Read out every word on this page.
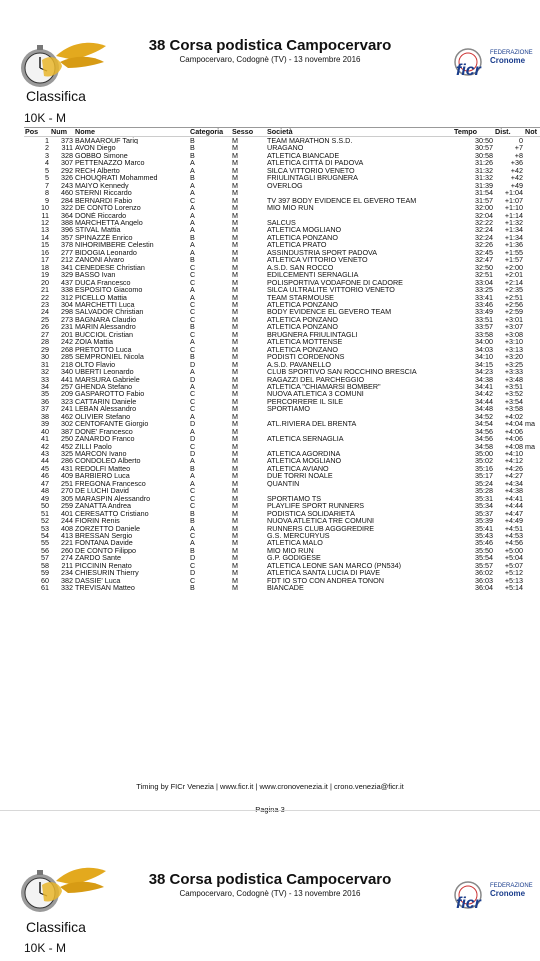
38 Corsa podistica Campocervaro
Campocervaro, Codognè (TV) - 13 novembre 2016
ficr
FEDERAZIONE
Cronome
Classifica
10K - M
Pos	Num	Nome	Categoria	Sesso	Società	Tempo	Dist.	Not
1	373	BAMAAROUF Tariq	B	M	TEAM MARATHON S.S.D.	30:50	0	
2	311	AVON Diego	B	M	URAGANO	30:57	+7	
3	328	GOBBO Simone	B	M	ATLETICA BIANCADE	30:58	+8	
4	307	PETTENAZZO Marco	A	M	ATLETICA CITTÀ DI PADOVA	31:26	+36	
5	292	RECH Alberto	A	M	SILCA VITTORIO VENETO	31:32	+42	
5	326	CHOUQRATI Mohammed	B	M	FRIULINTAGLI BRUGNERA	31:32	+42	
7	243	MAIYO Kennedy	A	M	OVERLOG	31:39	+49	
8	460	STERNI Riccardo	A	M		31:54	+1:04	
9	284	BERNARDI Fabio	C	M	TV 397 BODY EVIDENCE EL GEVERO TEAM	31:57	+1:07	
10	322	DE CONTO Lorenzo	A	M	MIO MIO RUN	32:00	+1:10	
11	364	DONÈ Riccardo	A	M		32:04	+1:14	
12	388	MARCHETTA Angelo	A	M	SALCUS	32:22	+1:32	
13	396	STIVAL Mattia	A	M	ATLETICA MOGLIANO	32:24	+1:34	
14	357	SPINAZZÈ Enrico	B	M	ATLETICA PONZANO	32:24	+1:34	
15	378	NIHORIMBERE Celestin	A	M	ATLETICA PRATO	32:26	+1:36	
16	277	BIDOGIA Leonardo	A	M	ASSINDUSTRIA SPORT PADOVA	32:45	+1:55	
17	212	ZANONI Alvaro	B	M	ATLETICA VITTORIO VENETO	32:47	+1:57	
18	341	CENEDESE Christian	C	M	A.S.D. SAN ROCCO	32:50	+2:00	
19	329	BASSO Ivan	C	M	EDILCEMENTI SERNAGLIA	32:51	+2:01	
20	437	DUCA Francesco	C	M	POLISPORTIVA VODAFONE DI CADORE	33:04	+2:14	
21	338	ESPOSITO Giacomo	A	M	SILCA ULTRALITE VITTORIO VENETO	33:25	+2:35	
22	312	PICELLO Mattia	A	M	TEAM STARMOUSE	33:41	+2:51	
23	304	MARCHETTI Luca	C	M	ATLETICA PONZANO	33:46	+2:56	
24	298	SALVADOR Christian	C	M	BODY EVIDENCE EL GEVERO TEAM	33:49	+2:59	
25	273	BAGNARA Claudio	C	M	ATLETICA PONZANO	33:51	+3:01	
26	231	MARIN Alessandro	B	M	ATLETICA PONZANO	33:57	+3:07	
27	201	BUCCIOL Cristian	C	M	BRUGNERA FRIULINTAGLI	33:58	+3:08	
28	242	ZOIA Mattia	A	M	ATLETICA MOTTENSE	34:00	+3:10	
29	268	PRETOTTO Luca	C	M	ATLETICA PONZANO	34:03	+3:13	
30	285	SEMPRONIEL Nicola	B	M	PODISTI CORDENONS	34:10	+3:20	
31	218	OLTO Flavio	D	M	A.S.D. PAVANELLO	34:15	+3:25	
32	340	UBERTI Leonardo	A	M	CLUB SPORTIVO SAN ROCCHINO BRESCIA	34:23	+3:33	
33	441	MARSURA Gabriele	D	M	RAGAZZI DEL PARCHEGGIO	34:38	+3:48	
34	257	GHENDA Stefano	A	M	ATLETICA "CHIAMARSI BOMBER"	34:41	+3:51	
35	209	GASPAROTTO Fabio	C	M	NUOVA ATLETICA 3 COMUNI	34:42	+3:52	
36	323	CATTARIN Daniele	C	M	PERCORRERE IL SILE	34:44	+3:54	
37	241	LEBAN Alessandro	C	M	SPORTIAMO	34:48	+3:58	
38	462	OLIVIER Stefano	A	M		34:52	+4:02	
39	302	CENTOFANTE Giorgio	D	M	ATL.RIVIERA DEL BRENTA	34:54	+4:04	ma
40	387	DONE' Francesco	A	M		34:56	+4:06	
41	250	ZANARDO Franco	D	M	ATLETICA SERNAGLIA	34:56	+4:06	
42	452	ZILLI Paolo	C	M		34:58	+4:08	ma
43	325	MARCON Ivano	D	M	ATLETICA AGORDINA	35:00	+4:10	
44	286	CONDOLEO Alberto	A	M	ATLETICA MOGLIANO	35:02	+4:12	
45	431	REDOLFI Matteo	B	M	ATLETICA AVIANO	35:16	+4:26	
46	409	BARBIERO Luca	A	M	DUE TORRI NOALE	35:17	+4:27	
47	251	FREGONA Francesco	A	M	QUANTIN	35:24	+4:34	
48	270	DE LUCHI David	C	M		35:28	+4:38	
49	305	MARASPIN Alessandro	C	M	SPORTIAMO TS	35:31	+4:41	
50	259	ZANATTA Andrea	C	M	PLAYLIFE SPORT RUNNERS	35:34	+4:44	
51	401	CERESATTO Cristiano	B	M	PODISTICA SOLIDARIETÀ	35:37	+4:47	
52	244	FIORIN Renis	B	M	NUOVA ATLETICA TRE COMUNI	35:39	+4:49	
53	408	ZORZETTO Daniele	A	M	RUNNERS CLUB AGGGREDIRE	35:41	+4:51	
54	413	BRESSAN Sergio	C	M	G.S. MERCURYUS	35:43	+4:53	
55	221	FONTANA Davide	A	M	ATLETICA MALO	35:46	+4:56	
56	260	DE CONTO Filippo	B	M	MIO MIO RUN	35:50	+5:00	
57	274	ZARDO Sante	D	M	G.P. GODIGESE	35:54	+5:04	
58	211	PICCININ Renato	C	M	ATLETICA LEONE SAN MARCO (PN534)	35:57	+5:07	
59	234	CHIESURIN Thierry	D	M	ATLETICA SANTA LUCIA DI PIAVE	36:02	+5:12	
60	382	DASSIE' Luca	C	M	FDT IO STO CON ANDREA TONON	36:03	+5:13	
61	332	TREVISAN Matteo	B	M	BIANCADE	36:04	+5:14	
Timing by FICr Venezia | www.ficr.it | www.cronovenezia.it | crono.venezia@ficr.it
Pagina 3
38 Corsa podistica Campocervaro
Campocervaro, Codognè (TV) - 13 novembre 2016
ficr
FEDERAZIONE
Cronome
Classifica
10K - M
